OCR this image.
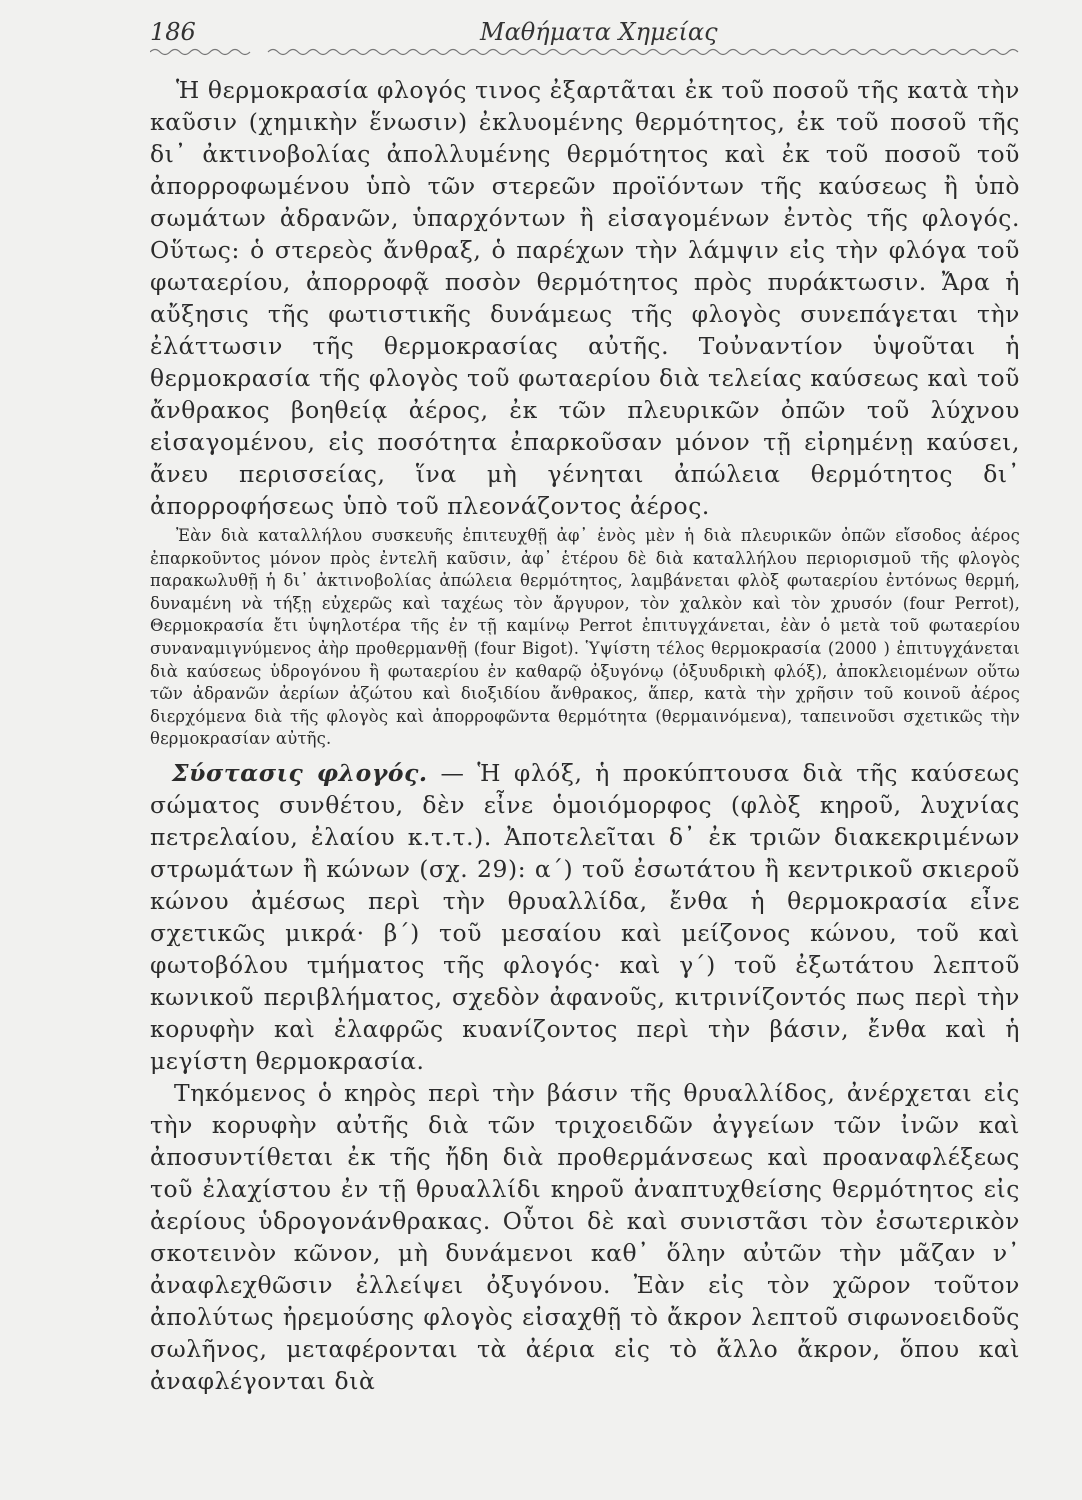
186	Μαθήματα Χημείας

Ἡ θερμοκρασία φλογός τινος ἐξαρτᾶται ἐκ τοῦ ποσοῦ τῆς κατὰ τὴν καῦσιν (χημικὴν ἕνωσιν) ἐκλυομένης θερμότητος, ἐκ τοῦ ποσοῦ τῆς δι᾽ ἀκτινοβολίας ἀπολλυμένης θερμότητος καὶ ἐκ τοῦ ποσοῦ τοῦ ἀπορροφωμένου ὑπὸ τῶν στερεῶν προϊόντων τῆς καύσεως ἢ ὑπὸ σωμάτων ἀδρανῶν, ὑπαρχόντων ἢ εἰσαγομένων ἐντὸς τῆς φλογός. Οὕτως: ὁ στερεὸς ἄνθραξ, ὁ παρέχων τὴν λάμψιν εἰς τὴν φλόγα τοῦ φωταερίου, ἀπορροφᾷ ποσὸν θερμότητος πρὸς πυράκτωσιν. Ἄρα ἡ αὔξησις τῆς φωτιστικῆς δυνάμεως τῆς φλογὸς συνεπάγεται τὴν ἐλάττωσιν τῆς θερμοκρασίας αὐτῆς. Τοὐναντίον ὑψοῦται ἡ θερμοκρασία τῆς φλογὸς τοῦ φωταερίου διὰ τελείας καύσεως καὶ τοῦ ἄνθρακος βοηθείᾳ ἀέρος, ἐκ τῶν πλευρικῶν ὀπῶν τοῦ λύχνου εἰσαγομένου, εἰς ποσότητα ἐπαρκοῦσαν μόνον τῇ εἰρημένῃ καύσει, ἄνευ περισσείας, ἵνα μὴ γένηται ἀπώλεια θερμότητος δι᾽ ἀπορροφήσεως ὑπὸ τοῦ πλεονάζοντος ἀέρος.

Ἐὰν διὰ καταλλήλου συσκευῆς ἐπιτευχθῇ ἀφ᾽ ἑνὸς μὲν ἡ διὰ πλευρικῶν ὀπῶν εἴσοδος ἀέρος ἐπαρκοῦντος μόνον πρὸς ἐντελῆ καῦσιν, ἀφ᾽ ἑτέρου δὲ διὰ καταλλήλου περιορισμοῦ τῆς φλογὸς παρακωλυθῇ ἡ δι᾽ ἀκτινοβολίας ἀπώλεια θερμότητος, λαμβάνεται φλὸξ φωταερίου ἐντόνως θερμή, δυναμένη νὰ τήξῃ εὐχερῶς καὶ ταχέως τὸν ἄργυρον, τὸν χαλκὸν καὶ τὸν χρυσόν (four Perrot), Θερμοκρασία ἔτι ὑψηλοτέρα τῆς ἐν τῇ καμίνῳ Perrot ἐπιτυγχάνεται, ἐὰν ὁ μετὰ τοῦ φωταερίου συναναμιγνύμενος ἀὴρ προθερμανθῇ (four Bigot). Ὑψίστη τέλος θερμοκρασία (2000 ) ἐπιτυγχάνεται διὰ καύσεως ὑδρογόνου ἢ φωταερίου ἐν καθαρῷ ὀξυγόνῳ (ὀξυυδρικὴ φλόξ), ἀποκλειομένων οὕτω τῶν ἀδρανῶν ἀερίων ἀζώτου καὶ διοξιδίου ἄνθρακος, ἅπερ, κατὰ τὴν χρῆσιν τοῦ κοινοῦ ἀέρος διερχόμενα διὰ τῆς φλογὸς καὶ ἀπορροφῶντα θερμότητα (θερμαινόμενα), ταπεινοῦσι σχετικῶς τὴν θερμοκρασίαν αὐτῆς.

Σύστασις φλογός. — Ἡ φλόξ, ἡ προκύπτουσα διὰ τῆς καύσεως σώματος συνθέτου, δὲν εἶνε ὁμοιόμορφος (φλὸξ κηροῦ, λυχνίας πετρελαίου, ἐλαίου κ.τ.τ.). Ἀποτελεῖται δ᾽ ἐκ τριῶν διακεκριμένων στρωμάτων ἢ κώνων (σχ. 29): α´) τοῦ ἐσωτάτου ἢ κεντρικοῦ σκιεροῦ κώνου ἀμέσως περὶ τὴν θρυαλλίδα, ἔνθα ἡ θερμοκρασία εἶνε σχετικῶς μικρά· β´) τοῦ μεσαίου καὶ μείζονος κώνου, τοῦ καὶ φωτοβόλου τμήματος τῆς φλογός· καὶ γ´) τοῦ ἐξωτάτου λεπτοῦ κωνικοῦ περιβλήματος, σχεδὸν ἀφανοῦς, κιτρινίζοντός πως περὶ τὴν κορυφὴν καὶ ἐλαφρῶς κυανίζοντος περὶ τὴν βάσιν, ἔνθα καὶ ἡ μεγίστη θερμοκρασία.

Τηκόμενος ὁ κηρὸς περὶ τὴν βάσιν τῆς θρυαλλίδος, ἀνέρχεται εἰς τὴν κορυφὴν αὐτῆς διὰ τῶν τριχοειδῶν ἀγγείων τῶν ἰνῶν καὶ ἀποσυντίθεται ἐκ τῆς ἤδη διὰ προθερμάνσεως καὶ προαναφλέξεως τοῦ ἐλαχίστου ἐν τῇ θρυαλλίδι κηροῦ ἀναπτυχθείσης θερμότητος εἰς ἀερίους ὑδρογονάνθρακας. Οὗτοι δὲ καὶ συνιστᾶσι τὸν ἐσωτερικὸν σκοτεινὸν κῶνον, μὴ δυνάμενοι καθ᾽ ὅλην αὐτῶν τὴν μᾶζαν ν᾽ ἀναφλεχθῶσιν ἐλλείψει ὀξυγόνου. Ἐὰν εἰς τὸν χῶρον τοῦτον ἀπολύτως ἠρεμούσης φλογὸς εἰσαχθῇ τὸ ἄκρον λεπτοῦ σιφωνοειδοῦς σωλῆνος, μεταφέρονται τὰ ἀέρια εἰς τὸ ἄλλο ἄκρον, ὅπου καὶ ἀναφλέγονται διὰ
